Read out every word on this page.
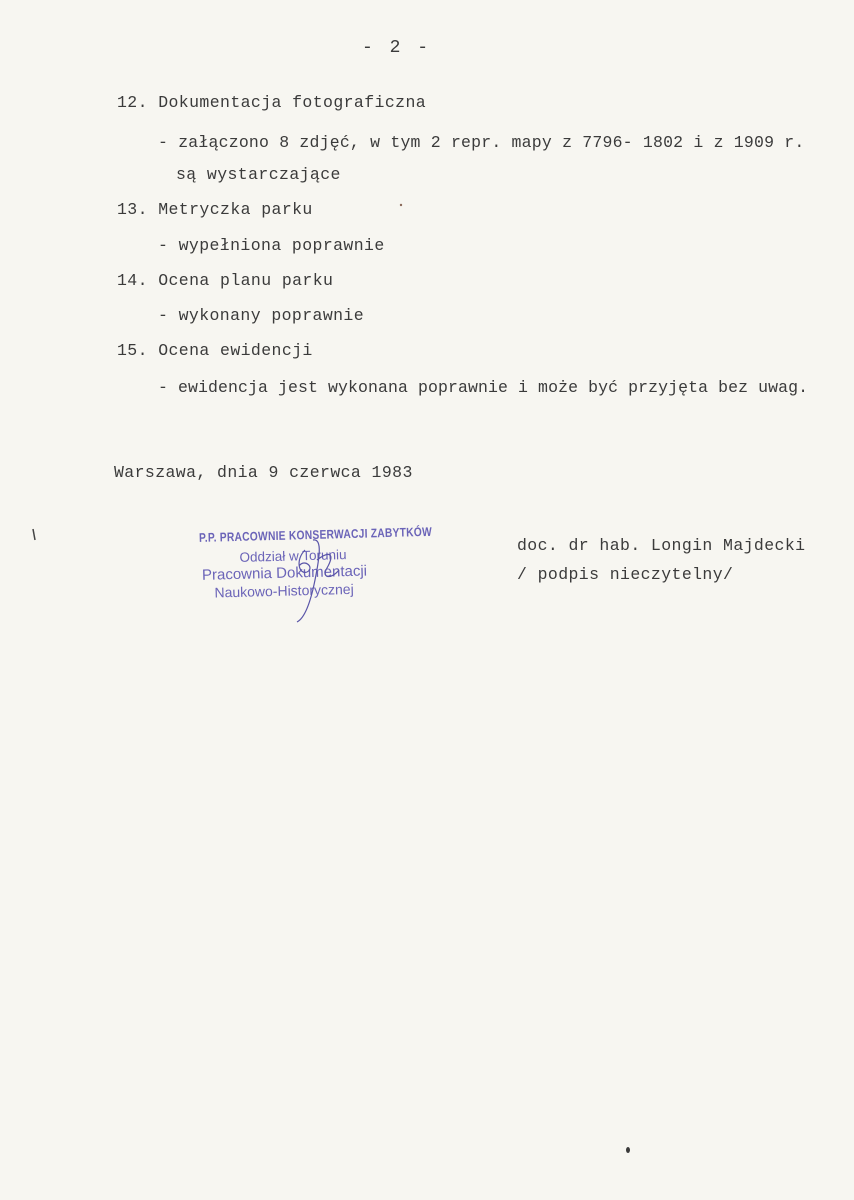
- 2 -
12. Dokumentacja fotograficzna
- załączono 8 zdjęć, w tym 2 repr. mapy z 7796- 1802 i z 1909 r.
są wystarczające
13. Metryczka parku
- wypełniona poprawnie
14. Ocena planu parku
- wykonany poprawnie
15. Ocena ewidencji
- ewidencja jest wykonana poprawnie i może być przyjęta bez uwag.
Warszawa, dnia 9 czerwca 1983
P.P. PRACOWNIE KONSERWACJI ZABYTKÓW
Oddział w Toruniu
Pracownia Dokumentacji
Naukowo-Historycznej
doc. dr hab. Longin Majdecki
/ podpis nieczytelny/
